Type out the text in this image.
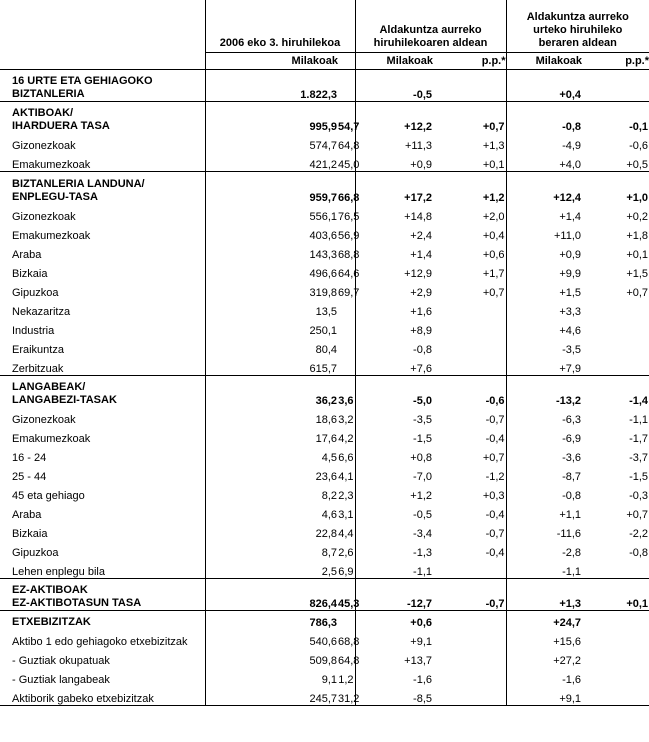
	2006 eko 3. hiruhilekoa		Aldakuntza aurreko
hiruhilekoaren aldean		Aldakuntza aurreko
urteko hiruhileko
beraren aldean	
	Milakoak		Milakoak	p.p.*	Milakoak	p.p.*
16 URTE ETA GEHIAGOKO
BIZTANLERIA	1.822,3		-0,5		+0,4	
AKTIBOAK/
IHARDUERA TASA	995,9	54,7	+12,2	+0,7	-0,8	-0,1
Gizonezkoak	574,7	64,8	+11,3	+1,3	-4,9	-0,6
Emakumezkoak	421,2	45,0	+0,9	+0,1	+4,0	+0,5
BIZTANLERIA LANDUNA/
ENPLEGU-TASA	959,7	66,8	+17,2	+1,2	+12,4	+1,0
Gizonezkoak	556,1	76,5	+14,8	+2,0	+1,4	+0,2
Emakumezkoak	403,6	56,9	+2,4	+0,4	+11,0	+1,8
Araba	143,3	68,8	+1,4	+0,6	+0,9	+0,1
Bizkaia	496,6	64,6	+12,9	+1,7	+9,9	+1,5
Gipuzkoa	319,8	69,7	+2,9	+0,7	+1,5	+0,7
Nekazaritza	13,5		+1,6		+3,3	
Industria	250,1		+8,9		+4,6	
Eraikuntza	80,4		-0,8		-3,5	
Zerbitzuak	615,7		+7,6		+7,9	
LANGABEAK/
LANGABEZI-TASAK	36,2	3,6	-5,0	-0,6	-13,2	-1,4
Gizonezkoak	18,6	3,2	-3,5	-0,7	-6,3	-1,1
Emakumezkoak	17,6	4,2	-1,5	-0,4	-6,9	-1,7
16 - 24	4,5	6,6	+0,8	+0,7	-3,6	-3,7
25 - 44	23,6	4,1	-7,0	-1,2	-8,7	-1,5
45 eta gehiago	8,2	2,3	+1,2	+0,3	-0,8	-0,3
Araba	4,6	3,1	-0,5	-0,4	+1,1	+0,7
Bizkaia	22,8	4,4	-3,4	-0,7	-11,6	-2,2
Gipuzkoa	8,7	2,6	-1,3	-0,4	-2,8	-0,8
Lehen enplegu bila	2,5	6,9	-1,1		-1,1	
EZ-AKTIBOAK
EZ-AKTIBOTASUN TASA	826,4	45,3	-12,7	-0,7	+1,3	+0,1
ETXEBIZITZAK	786,3		+0,6		+24,7	
Aktibo 1 edo gehiagoko etxebizitzak	540,6	68,8	+9,1		+15,6	
- Guztiak okupatuak	509,8	64,8	+13,7		+27,2	
- Guztiak langabeak	9,1	1,2	-1,6		-1,6	
Aktiborik gabeko etxebizitzak	245,7	31,2	-8,5		+9,1	
